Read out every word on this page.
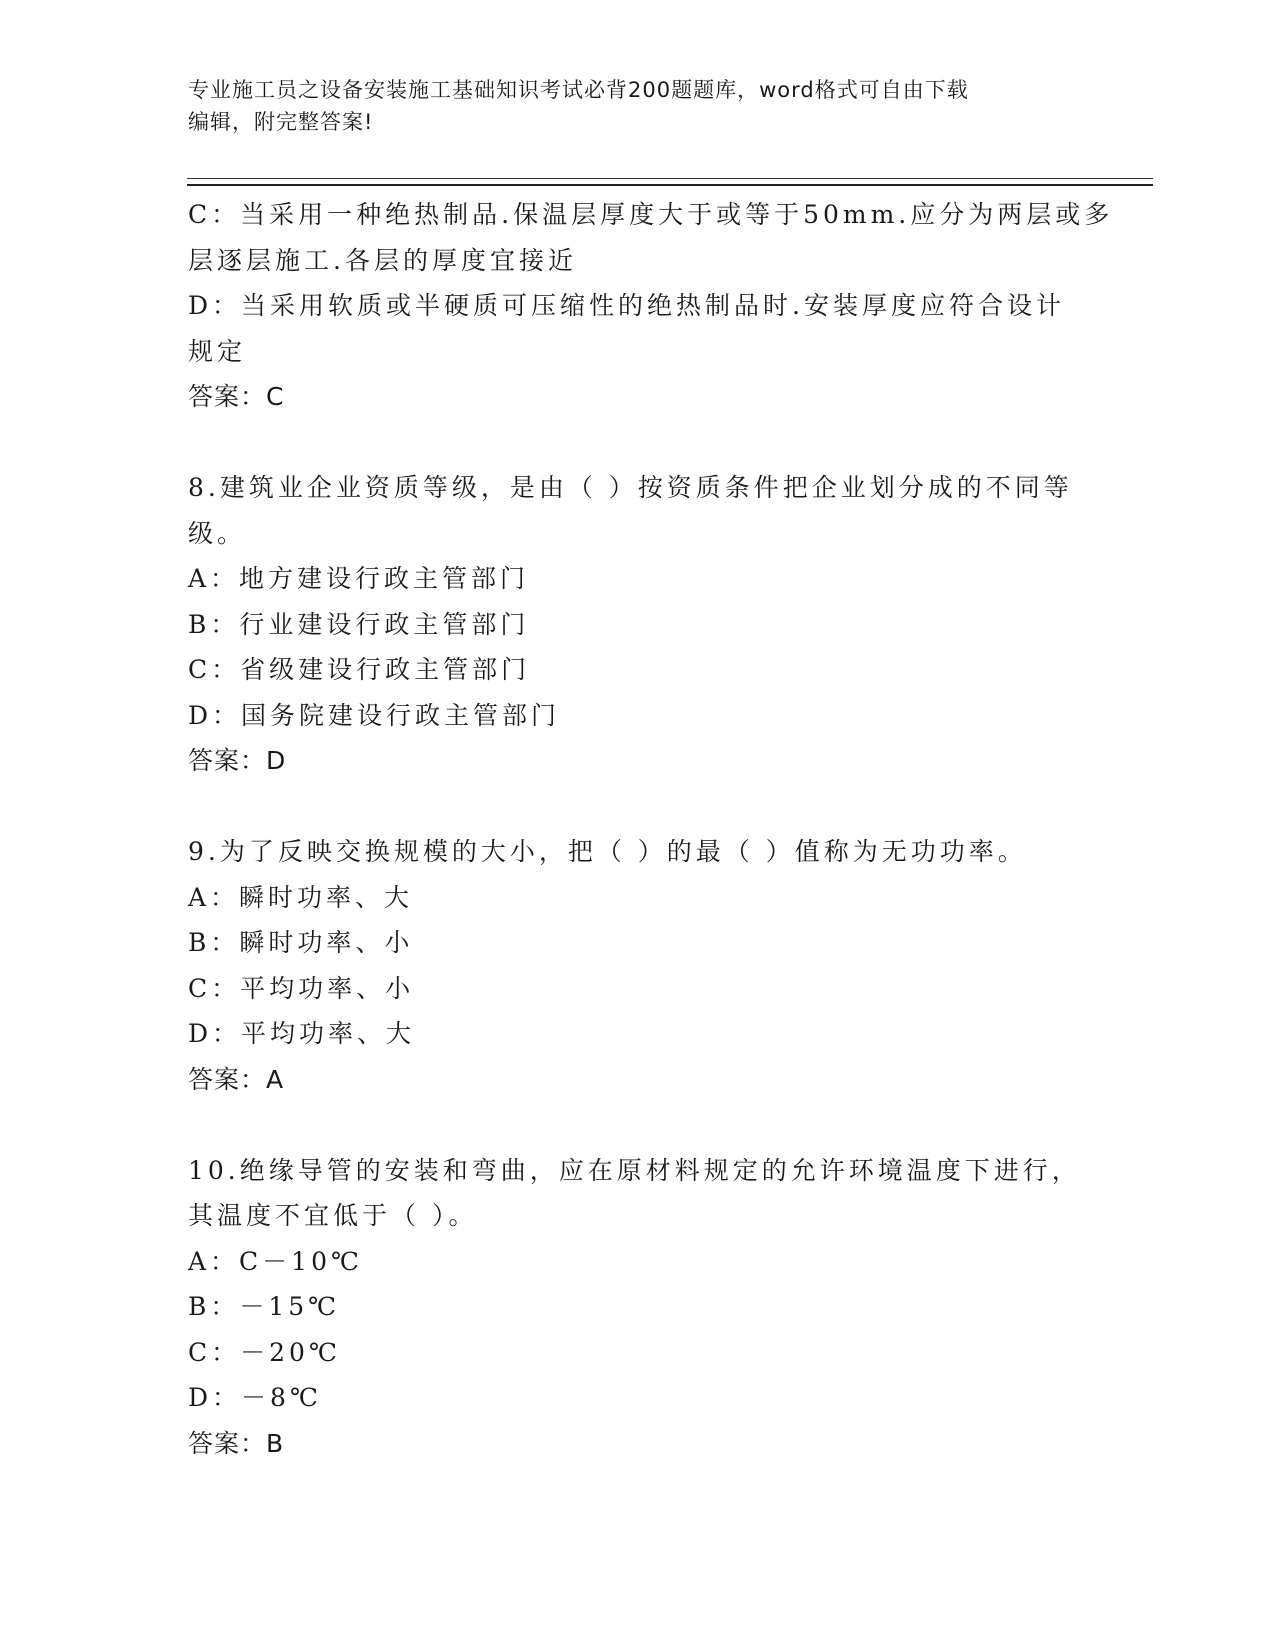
专业施工员之设备安装施工基础知识考试必背200题题库，word格式可自由下载
编辑，附完整答案!
C：当采用一种绝热制品.保温层厚度大于或等于50mm.应分为两层或多
层逐层施工.各层的厚度宜接近
D：当采用软质或半硬质可压缩性的绝热制品时.安装厚度应符合设计
规定
答案：C
8.建筑业企业资质等级，是由（ ）按资质条件把企业划分成的不同等
级。
A：地方建设行政主管部门
B：行业建设行政主管部门
C：省级建设行政主管部门
D：国务院建设行政主管部门
答案：D
9.为了反映交换规模的大小，把（ ）的最（ ）值称为无功功率。
A：瞬时功率、大
B：瞬时功率、小
C：平均功率、小
D：平均功率、大
答案：A
10.绝缘导管的安装和弯曲，应在原材料规定的允许环境温度下进行，
其温度不宜低于（ ）。
A：C－10℃
B：－15℃
C：－20℃
D：－8℃
答案：B
